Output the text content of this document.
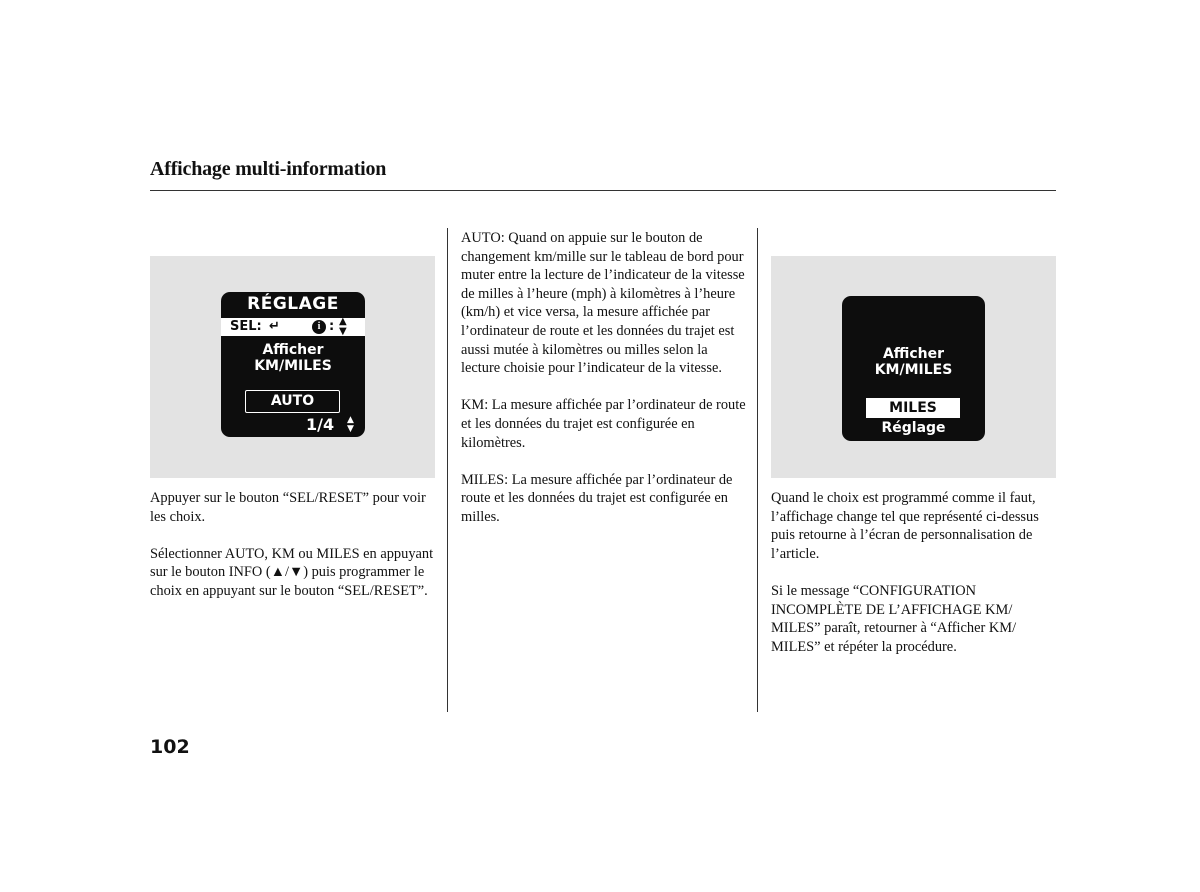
Affichage multi-information
RÉGLAGE
SEL: ↵	i : ▲
▼
Afficher
KM/MILES
AUTO
1/4 ▲
▼
Afficher
KM/MILES
MILES
Réglage

Appuyer sur le bouton “SEL/RESET” pour voir les choix.

Sélectionner AUTO, KM ou MILES en appuyant sur le bouton INFO (▲/▼) puis programmer le choix en appuyant sur le bouton “SEL/RESET”.

AUTO: Quand on appuie sur le bouton de changement km/mille sur le tableau de bord pour muter entre la lecture de l’indicateur de la vitesse de milles à l’heure (mph) à kilomètres à l’heure (km/h) et vice versa, la mesure affichée par l’ordinateur de route et les données du trajet est aussi mutée à kilomètres ou milles selon la lecture choisie pour l’indicateur de la vitesse.

KM: La mesure affichée par l’ordinateur de route et les données du trajet est configurée en kilomètres.

MILES: La mesure affichée par l’ordinateur de route et les données du trajet est configurée en milles.

Quand le choix est programmé comme il faut, l’affichage change tel que représenté ci-dessus puis retourne à l’écran de personnalisation de l’article.

Si le message “CONFIGURATION INCOMPLÈTE DE L’AFFICHAGE KM/ MILES” paraît, retourner à “Afficher KM/ MILES” et répéter la procédure.

102
